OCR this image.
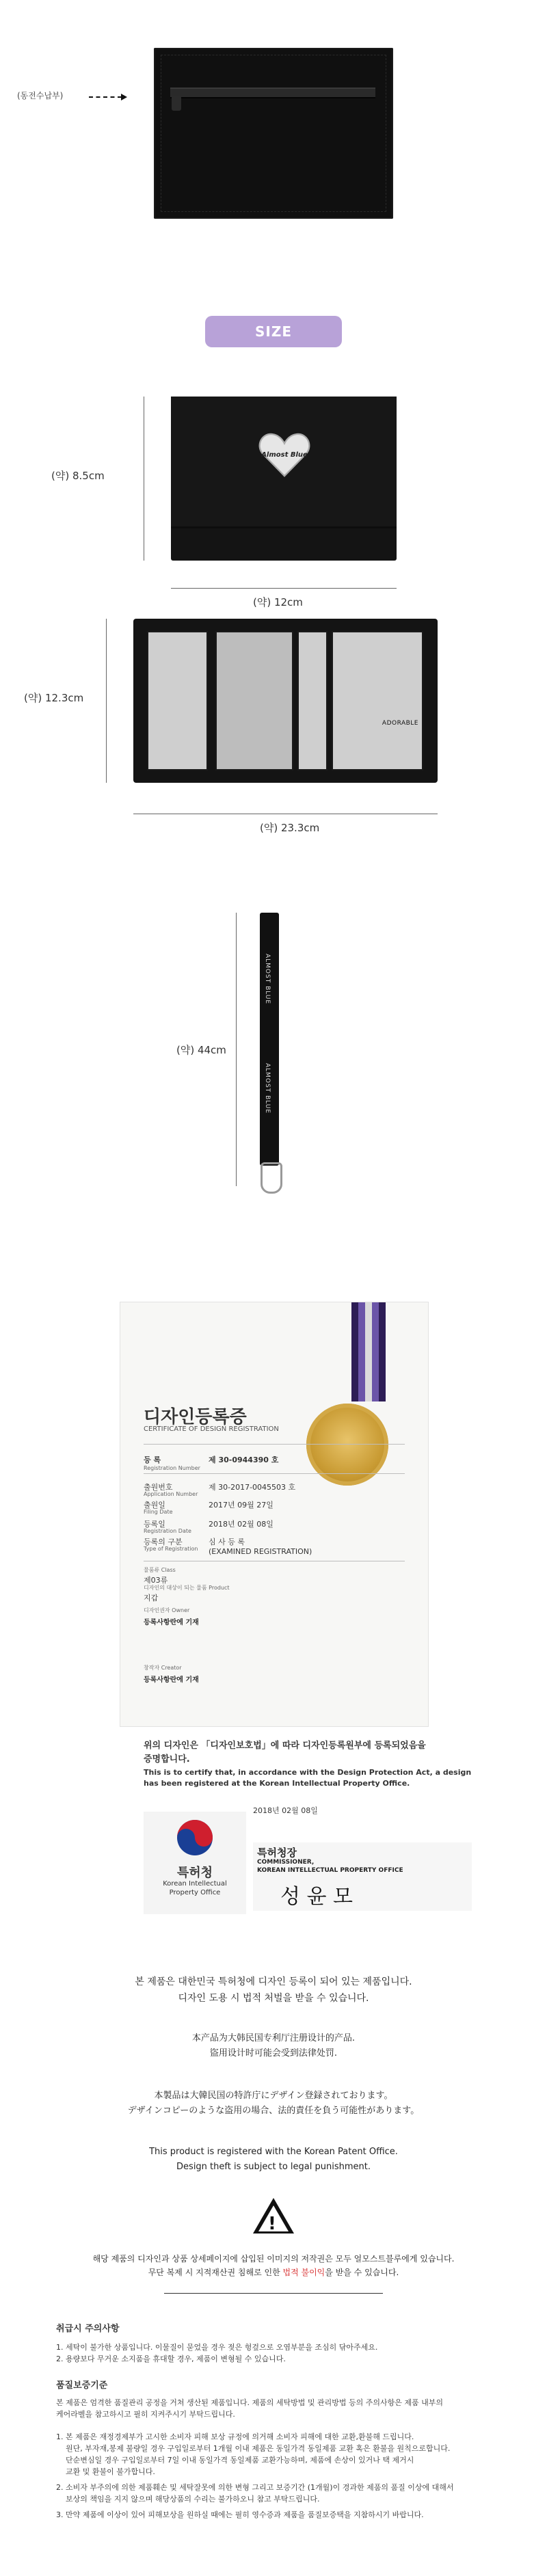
(동전수납부)
SIZE
(약) 8.5cm
Almost Blue
(약) 12cm
(약) 12.3cm
ADORABLE
(약) 23.3cm
(약) 44cm
ALMOST BLUE
ALMOST BLUE
디자인등록증
CERTIFICATE OF DESIGN REGISTRATION
등 록	제 30-0944390 호
Registration Number
출원번호	제 30-2017-0045503 호
Application Number
출원일	2017년 09월 27일
Filing Date
등록일	2018년 02월 08일
Registration Date
등록의 구분	심 사 등 록
(EXAMINED REGISTRATION)
Type of Registration
물품류 Class
제03류
디자인의 대상이 되는 물품 Product
지갑
디자인권자 Owner
등록사항란에 기재
창작자 Creator
등록사항란에 기재
위의 디자인은 「디자인보호법」에 따라 디자인등록원부에 등록되었음을
증명합니다.
This is to certify that, in accordance with the Design Protection Act, a design
has been registered at the Korean Intellectual Property Office.
특허청
Korean Intellectual
Property Office
2018년 02월 08일
특허청장
COMMISSIONER,
KOREAN INTELLECTUAL PROPERTY OFFICE
성 윤 모
본 제품은 대한민국 특허청에 디자인 등록이 되어 있는 제품입니다.
디자인 도용 시 법적 처벌을 받을 수 있습니다.
本产品为大韩民国专利厅注册设计的产品.
盜用设计时可能会受到法律处罚.
本製品は大韓民国の特許庁にデザイン登録されております。
デザインコピーのような盗用の場合、法的責任を負う可能性があります。
This product is registered with the Korean Patent Office.
Design theft is subject to legal punishment.
!
해당 제품의 디자인과 상품 상세페이지에 삽입된 이미지의 저작권은 모두 얼모스트블루에게 있습니다.
무단 복제 시 지적재산권 침해로 인한 법적 불이익을 받을 수 있습니다.
취급시 주의사항
1. 세탁이 불가한 상품입니다. 이물질이 묻었을 경우 젖은 헝겊으로 오염부분을 조심히 닦아주세요.
2. 용량보다 무거운 소지품을 휴대할 경우, 제품이 변형될 수 있습니다.
품질보증기준
본 제품은 엄격한 품질관리 공정을 거쳐 생산된 제품입니다. 제품의 세탁방법 및 관리방법 등의 주의사항은 제품 내부의
케어라벨을 참고하시고 필히 지켜주시기 부탁드립니다.
1. 본 제품은 재정경제부가 고시한 소비자 피해 보상 규정에 의거해 소비자 피해에 대한 교환,환불해 드립니다.
원단, 부자재,봉제 불량일 경우 구입일로부터 1개월 이내 제품은 동일가격 동일제품 교환 혹은 환불을 원칙으로합니다.
단순변심일 경우 구입일로부터 7일 이내 동일가격 동일제품 교환가능하며, 제품에 손상이 있거나 택 제거시
교환 및 환불이 불가합니다.
2. 소비자 부주의에 의한 제품훼손 및 세탁잘못에 의한 변형 그리고 보증기간 (1개월)이 경과한 제품의 품질 이상에 대해서
보상의 책임을 지지 않으며 해당상품의 수리는 불가하오니 참고 부탁드립니다.
3. 만약 제품에 이상이 있어 피해보상을 원하실 때에는 필히 영수증과 제품을 품질보증택을 지참하시기 바랍니다.
